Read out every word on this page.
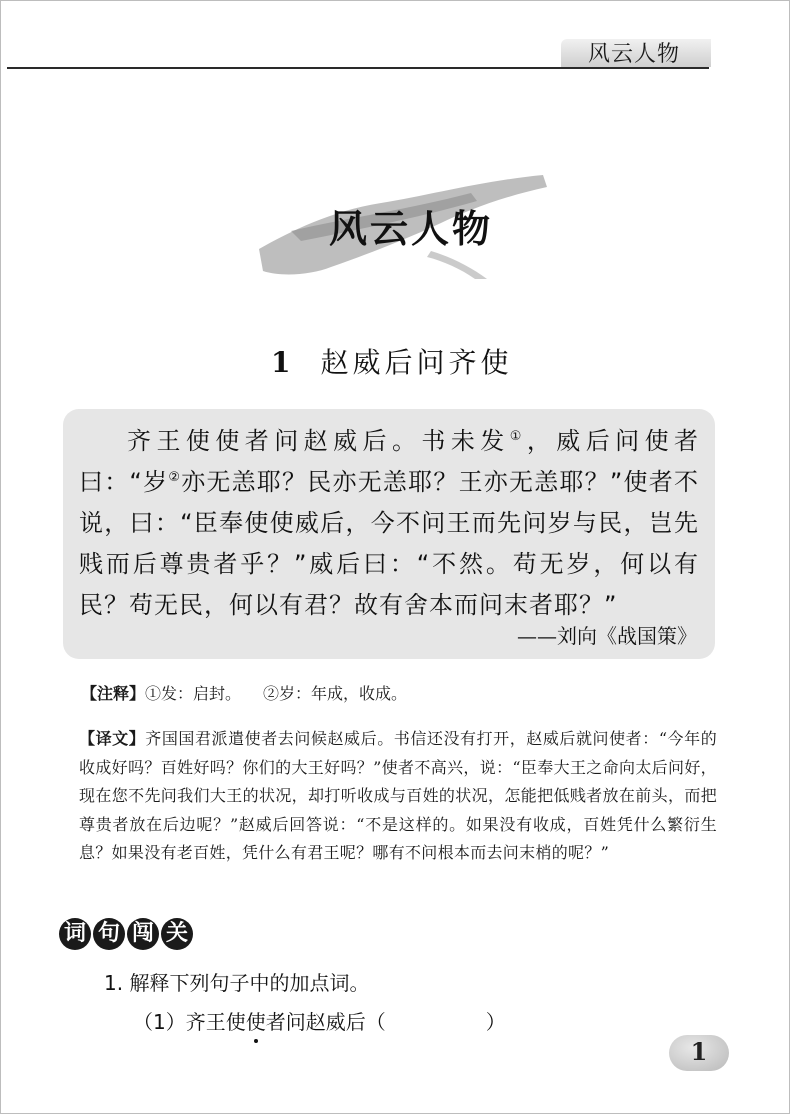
风云人物
风云人物
1 赵威后问齐使
齐王使使者问赵威后。书未发①，威后问使者曰：“岁②亦无恙耶？民亦无恙耶？王亦无恙耶？”使者不说，曰：“臣奉使使威后，今不问王而先问岁与民，岂先贱而后尊贵者乎？”威后曰：“不然。苟无岁，何以有民？苟无民，何以有君？故有舍本而问末者耶？”
——刘向《战国策》
【注释】①发：启封。 ②岁：年成，收成。
【译文】齐国国君派遣使者去问候赵威后。书信还没有打开，赵威后就问使者：“今年的收成好吗？百姓好吗？你们的大王好吗？”使者不高兴，说：“臣奉大王之命向太后问好，现在您不先问我们大王的状况，却打听收成与百姓的状况，怎能把低贱者放在前头，而把尊贵者放在后边呢？”赵威后回答说：“不是这样的。如果没有收成，百姓凭什么繁衍生息？如果没有老百姓，凭什么有君王呢？哪有不问根本而去问末梢的呢？”
词 句 闯 关
1. 解释下列句子中的加点词。
（1）齐王使使者问赵威后（	）
1
